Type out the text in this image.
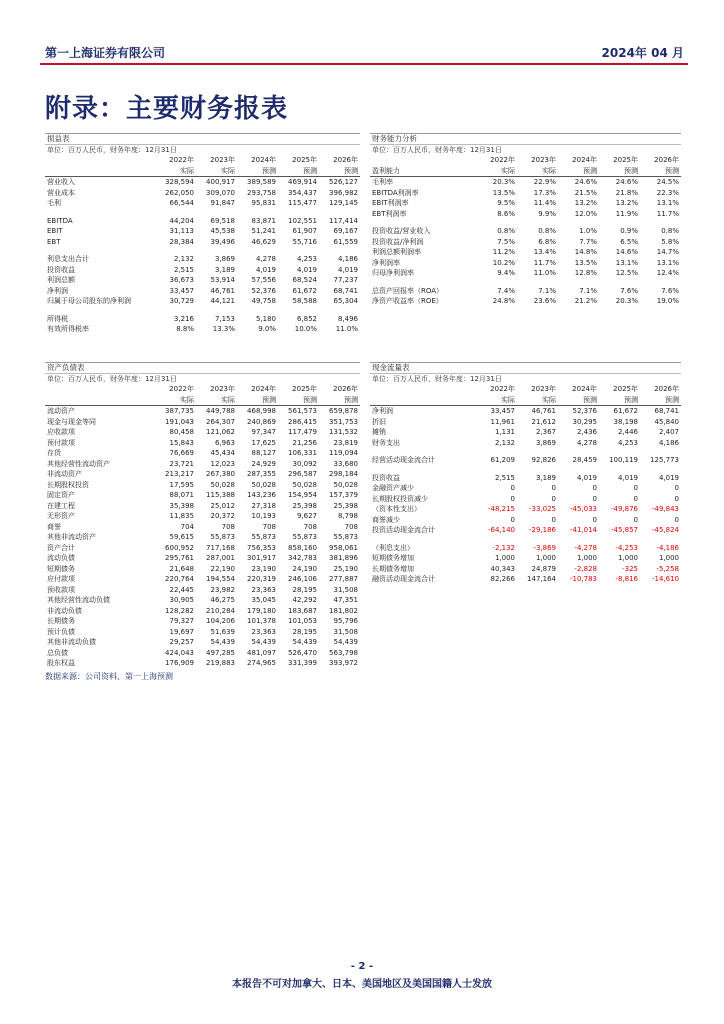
第一上海证券有限公司	2024年 04 月
附录：主要财务报表
损益表
单位：百万人民币，财务年度：12月31日
	2022年	2023年	2024年	2025年	2026年
	实际	实际	预测	预测	预测
营业收入	328,594	400,917	389,589	469,914	526,127
营业成本	262,050	309,070	293,758	354,437	396,982
毛利	66,544	91,847	95,831	115,477	129,145

EBITDA	44,204	69,518	83,871	102,551	117,414
EBIT	31,113	45,538	51,241	61,907	69,167
EBT	28,384	39,496	46,629	55,716	61,559

利息支出合计	2,132	3,869	4,278	4,253	4,186
投资收益	2,515	3,189	4,019	4,019	4,019
利润总额	36,673	53,914	57,556	68,524	77,237
净利润	33,457	46,761	52,376	61,672	68,741
归属于母公司股东的净利润	30,729	44,121	49,758	58,588	65,304

所得税	3,216	7,153	5,180	6,852	8,496
有效所得税率	8.8%	13.3%	9.0%	10.0%	11.0%
财务能力分析
单位：百万人民币，财务年度：12月31日
	2022年	2023年	2024年	2025年	2026年
盈利能力	实际	实际	预测	预测	预测
毛利率	20.3%	22.9%	24.6%	24.6%	24.5%
EBITDA利润率	13.5%	17.3%	21.5%	21.8%	22.3%
EBIT利润率	9.5%	11.4%	13.2%	13.2%	13.1%
EBT利润率	8.6%	9.9%	12.0%	11.9%	11.7%

投资收益/营业收入	0.8%	0.8%	1.0%	0.9%	0.8%
投资收益/净利润	7.5%	6.8%	7.7%	6.5%	5.8%
利润总额利润率	11.2%	13.4%	14.8%	14.6%	14.7%
净利润率	10.2%	11.7%	13.5%	13.1%	13.1%
归母净利润率	9.4%	11.0%	12.8%	12.5%	12.4%

总资产回报率（ROA）	7.4%	7.1%	7.1%	7.6%	7.6%
净资产收益率（ROE）	24.8%	23.6%	21.2%	20.3%	19.0%
资产负债表
单位：百万人民币，财务年度：12月31日
	2022年	2023年	2024年	2025年	2026年
	实际	实际	预测	预测	预测
流动资产	387,735	449,788	468,998	561,573	659,878
现金与现金等同	191,043	264,307	240,869	286,415	351,753
应收款项	80,458	121,062	97,347	117,479	131,532
预付款项	15,843	6,963	17,625	21,256	23,819
存货	76,669	45,434	88,127	106,331	119,094
其他经营性流动资产	23,721	12,023	24,929	30,092	33,680
非流动资产	213,217	267,380	287,355	296,587	298,184
长期股权投资	17,595	50,028	50,028	50,028	50,028
固定资产	88,071	115,388	143,236	154,954	157,379
在建工程	35,398	25,012	27,318	25,398	25,398
无形资产	11,835	20,372	10,193	9,627	8,798
商誉	704	708	708	708	708
其他非流动资产	59,615	55,873	55,873	55,873	55,873
资产合计	600,952	717,168	756,353	858,160	958,061
流动负债	295,761	287,001	301,917	342,783	381,896
短期债务	21,648	22,190	23,190	24,190	25,190
应付款项	220,764	194,554	220,319	246,106	277,887
预收款项	22,445	23,982	23,363	28,195	31,508
其他经营性流动负债	30,905	46,275	35,045	42,292	47,351
非流动负债	128,282	210,284	179,180	183,687	181,802
长期债务	79,327	104,206	101,378	101,053	95,796
预计负债	19,697	51,639	23,363	28,195	31,508
其他非流动负债	29,257	54,439	54,439	54,439	54,439
总负债	424,043	497,285	481,097	526,470	563,798
股东权益	176,909	219,883	274,965	331,399	393,972
现金流量表
单位：百万人民币，财务年度：12月31日
	2022年	2023年	2024年	2025年	2026年
	实际	实际	预测	预测	预测
净利润	33,457	46,761	52,376	61,672	68,741
折旧	11,961	21,612	30,295	38,198	45,840
摊销	1,131	2,367	2,436	2,446	2,407
财务支出	2,132	3,869	4,278	4,253	4,186

经营活动现金流合计	61,209	92,826	28,459	100,119	125,773

投资收益	2,515	3,189	4,019	4,019	4,019
金融资产减少	0	0	0	0	0
长期股权投资减少	0	0	0	0	0
（资本性支出）	-48,215	-33,025	-45,033	-49,876	-49,843
商誉减少	0	0	0	0	0
投资活动现金流合计	-64,140	-29,186	-41,014	-45,857	-45,824

（利息支出）	-2,132	-3,869	-4,278	-4,253	-4,186
短期债务增加	1,000	1,000	1,000	1,000	1,000
长期债务增加	40,343	24,879	-2,828	-325	-5,258
融资活动现金流合计	82,266	147,164	-10,783	-8,816	-14,610
数据来源：公司资料、第一上海预测
- 2 -
本报告不可对加拿大、日本、美国地区及美国国籍人士发放
